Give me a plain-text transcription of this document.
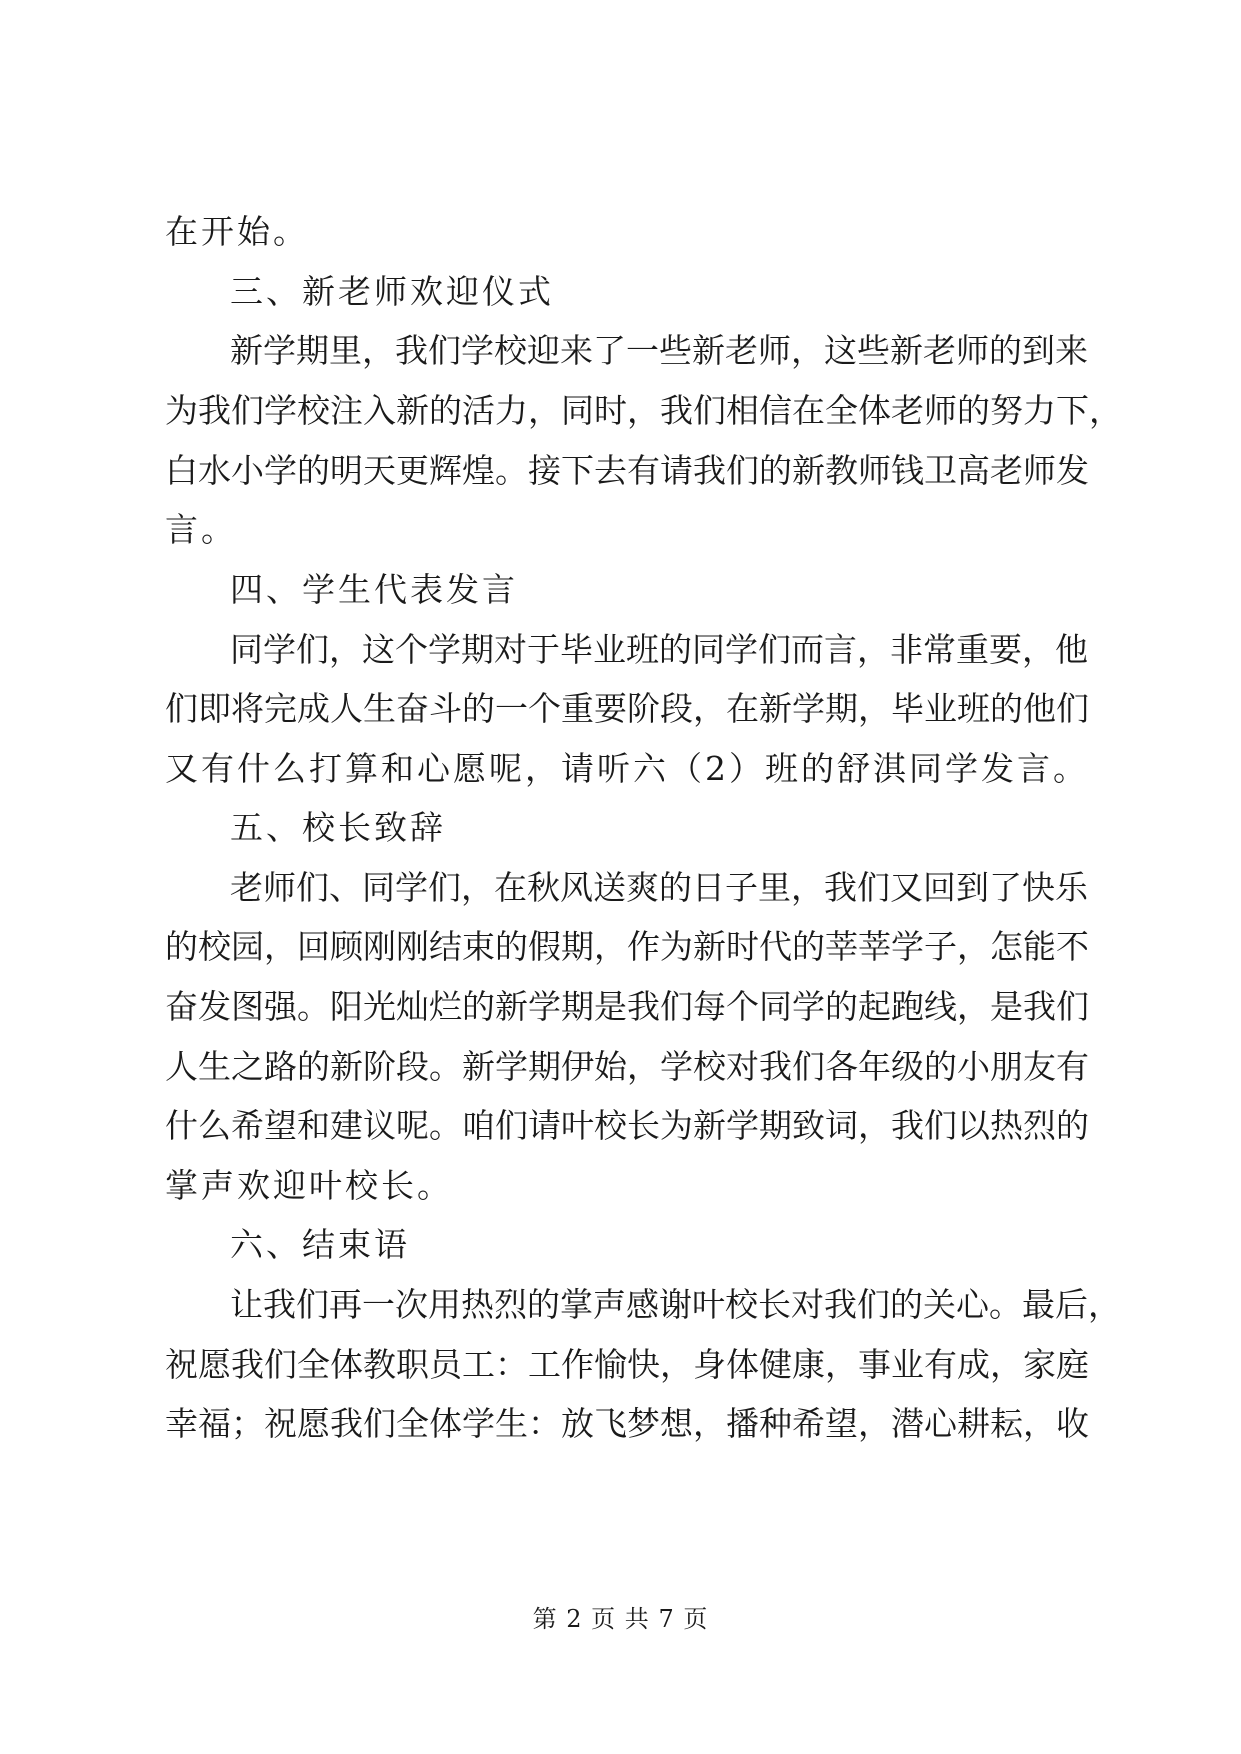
在开始。
三、新老师欢迎仪式
新学期里，我们学校迎来了一些新老师，这些新老师的到来
为我们学校注入新的活力，同时，我们相信在全体老师的努力下，
白水小学的明天更辉煌。接下去有请我们的新教师钱卫高老师发
言。
四、学生代表发言
同学们，这个学期对于毕业班的同学们而言，非常重要，他
们即将完成人生奋斗的一个重要阶段，在新学期，毕业班的他们
又有什么打算和心愿呢，请听六（2）班的舒淇同学发言。
五、校长致辞
老师们、同学们，在秋风送爽的日子里，我们又回到了快乐
的校园，回顾刚刚结束的假期，作为新时代的莘莘学子，怎能不
奋发图强。阳光灿烂的新学期是我们每个同学的起跑线，是我们
人生之路的新阶段。新学期伊始，学校对我们各年级的小朋友有
什么希望和建议呢。咱们请叶校长为新学期致词，我们以热烈的
掌声欢迎叶校长。
六、结束语
让我们再一次用热烈的掌声感谢叶校长对我们的关心。最后，
祝愿我们全体教职员工：工作愉快，身体健康，事业有成，家庭
幸福；祝愿我们全体学生：放飞梦想，播种希望，潜心耕耘，收
第 2 页 共 7 页
